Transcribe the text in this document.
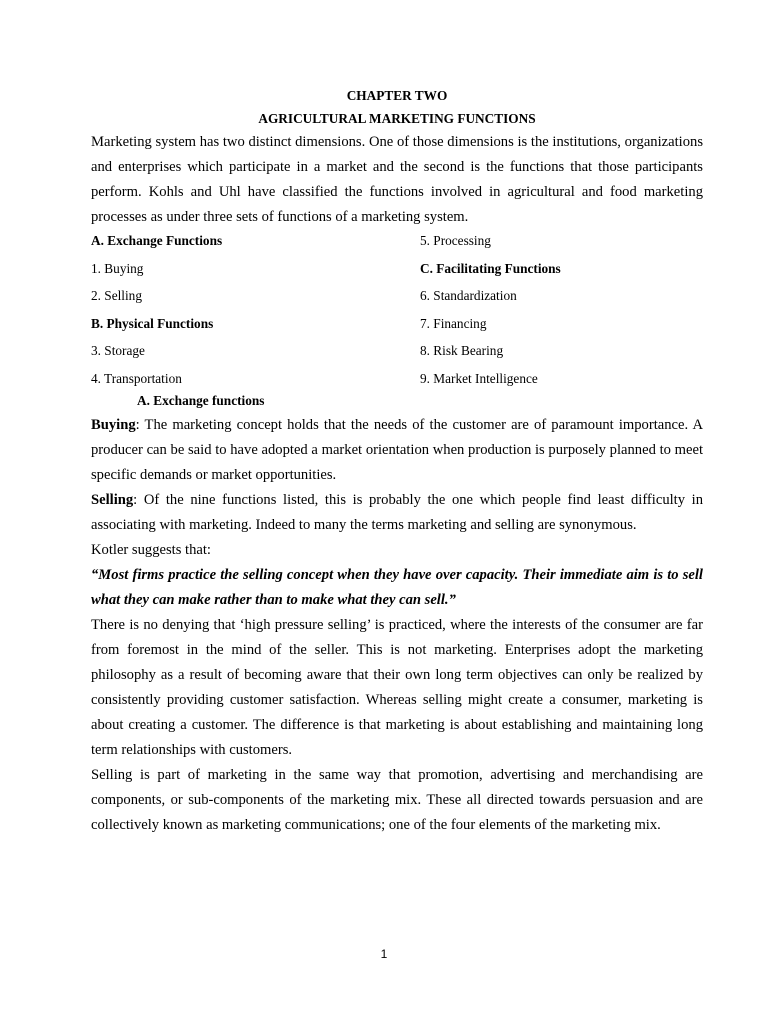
CHAPTER TWO
AGRICULTURAL MARKETING FUNCTIONS

Marketing system has two distinct dimensions. One of those dimensions is the institutions, organizations and enterprises which participate in a market and the second is the functions that those participants perform. Kohls and Uhl have classified the functions involved in agricultural and food marketing processes as under three sets of functions of a marketing system.

A. Exchange Functions
1. Buying
2. Selling
B. Physical Functions
3. Storage
4. Transportation
5. Processing
C. Facilitating Functions
6. Standardization
7. Financing
8. Risk Bearing
9. Market Intelligence
A. Exchange functions

Buying: The marketing concept holds that the needs of the customer are of paramount importance. A producer can be said to have adopted a market orientation when production is purposely planned to meet specific demands or market opportunities.

Selling: Of the nine functions listed, this is probably the one which people find least difficulty in associating with marketing. Indeed to many the terms marketing and selling are synonymous.

Kotler suggests that:

“Most firms practice the selling concept when they have over capacity. Their immediate aim is to sell what they can make rather than to make what they can sell.”

There is no denying that ‘high pressure selling’ is practiced, where the interests of the consumer are far from foremost in the mind of the seller. This is not marketing. Enterprises adopt the marketing philosophy as a result of becoming aware that their own long term objectives can only be realized by consistently providing customer satisfaction. Whereas selling might create a consumer, marketing is about creating a customer. The difference is that marketing is about establishing and maintaining long term relationships with customers.

Selling is part of marketing in the same way that promotion, advertising and merchandising are components, or sub-components of the marketing mix. These all directed towards persuasion and are collectively known as marketing communications; one of the four elements of the marketing mix.

1
